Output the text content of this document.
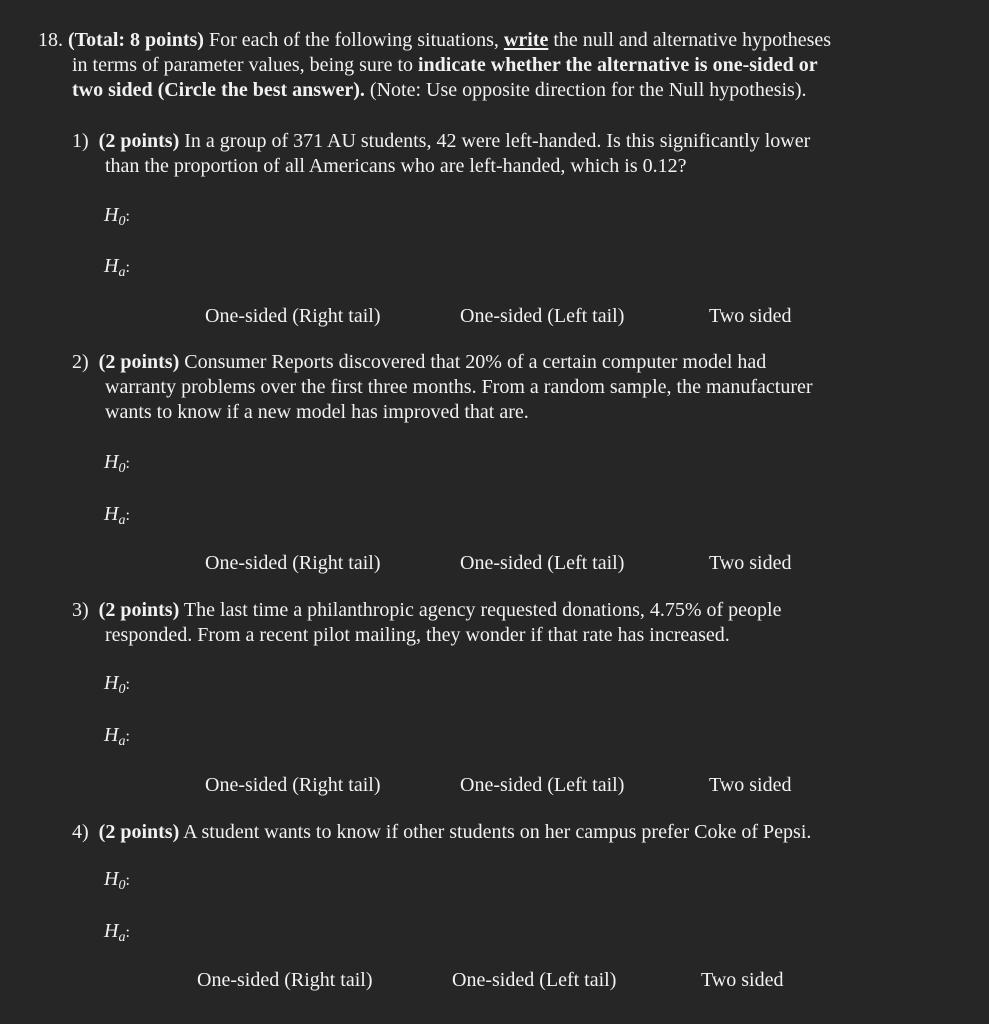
18. (Total: 8 points) For each of the following situations, write the null and alternative hypotheses
in terms of parameter values, being sure to indicate whether the alternative is one-sided or
two sided (Circle the best answer). (Note: Use opposite direction for the Null hypothesis).
1) (2 points) In a group of 371 AU students, 42 were left-handed. Is this significantly lower
than the proportion of all Americans who are left-handed, which is 0.12?
$H_0$:
$H_a$:
One-sided (Right tail)	One-sided (Left tail)	Two sided
2) (2 points) Consumer Reports discovered that 20% of a certain computer model had
warranty problems over the first three months. From a random sample, the manufacturer
wants to know if a new model has improved that are.
$H_0$:
$H_a$:
One-sided (Right tail)	One-sided (Left tail)	Two sided
3) (2 points) The last time a philanthropic agency requested donations, 4.75% of people
responded. From a recent pilot mailing, they wonder if that rate has increased.
$H_0$:
$H_a$:
One-sided (Right tail)	One-sided (Left tail)	Two sided
4) (2 points) A student wants to know if other students on her campus prefer Coke of Pepsi.
$H_0$:
$H_a$:
One-sided (Right tail)	One-sided (Left tail)	Two sided
